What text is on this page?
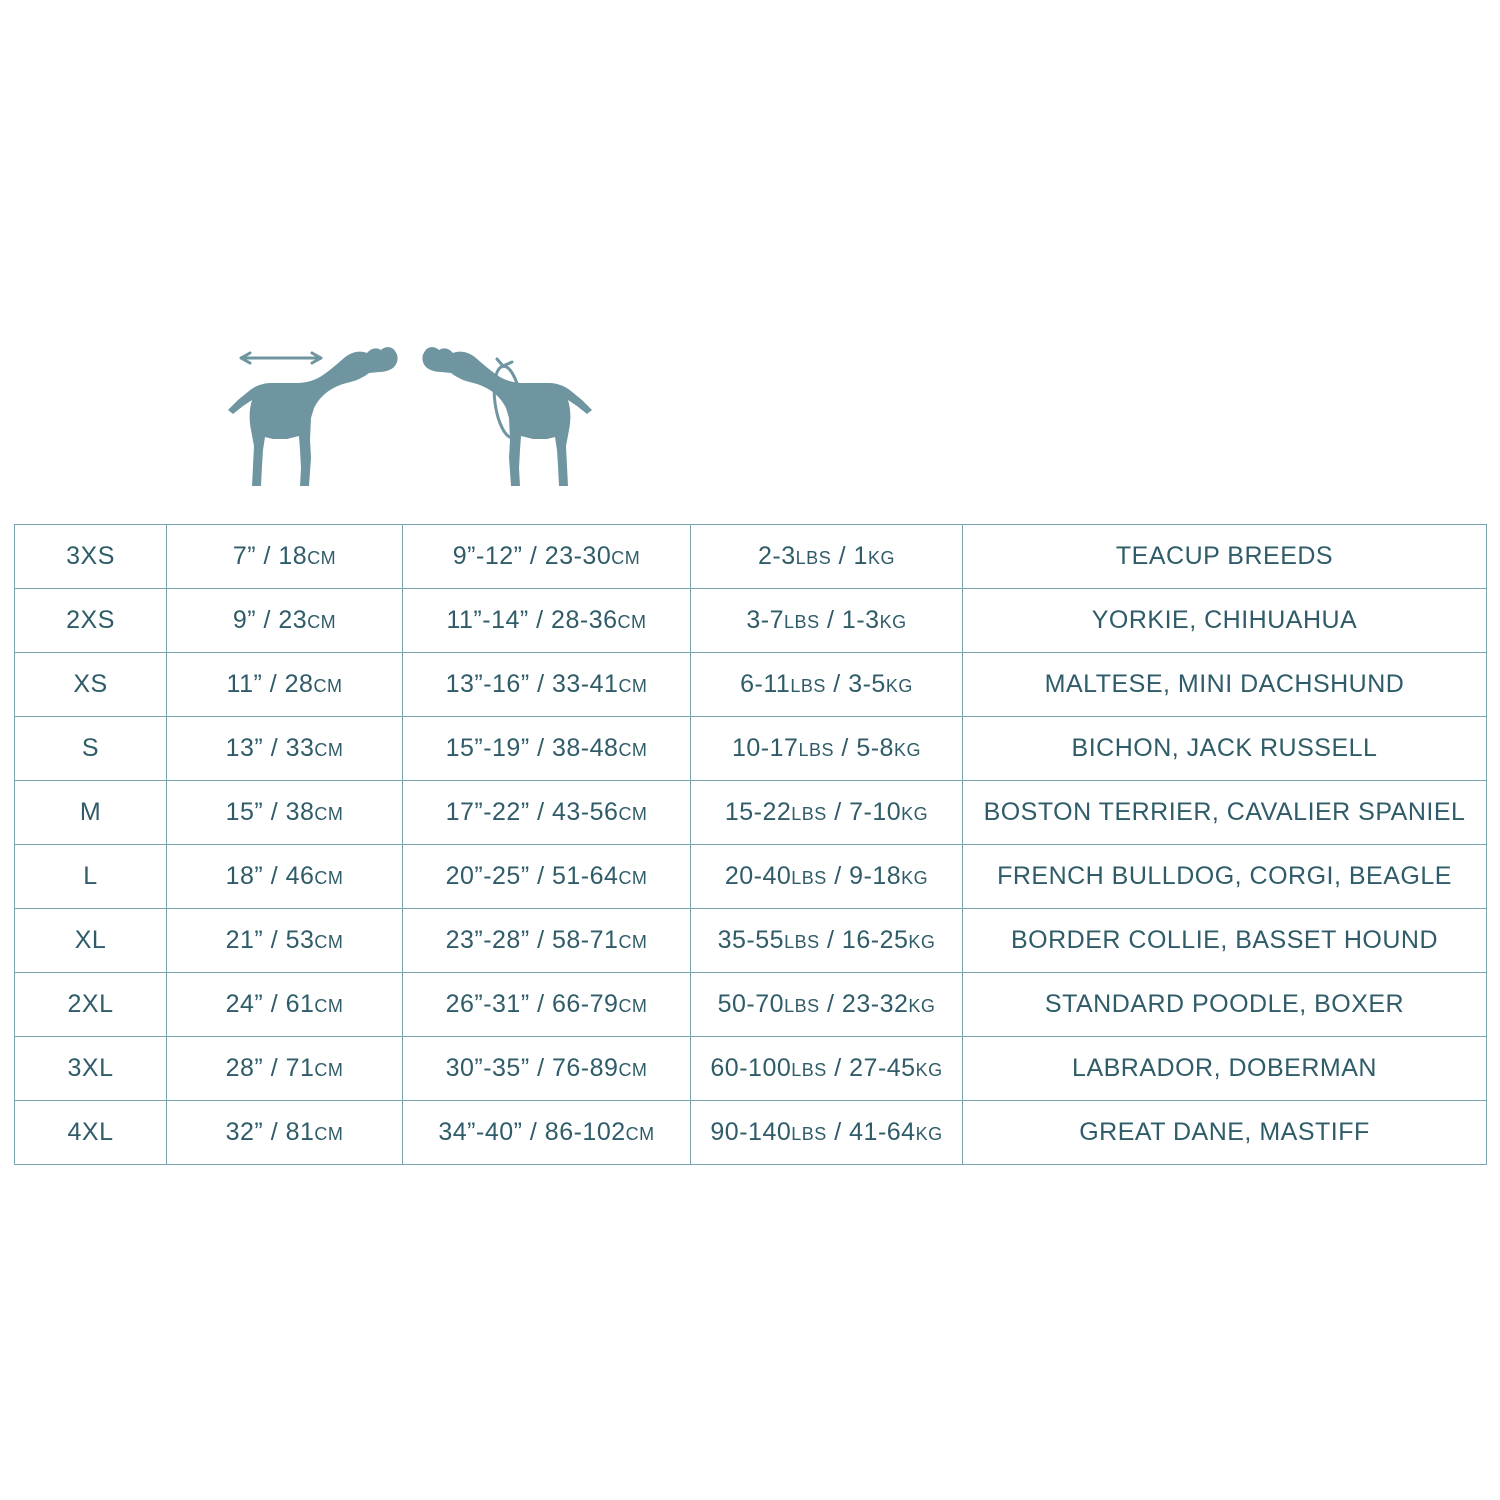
3XS	7” / 18CM	9”-12” / 23-30CM	2-3LBS / 1KG	TEACUP BREEDS
2XS	9” / 23CM	11”-14” / 28-36CM	3-7LBS / 1-3KG	YORKIE, CHIHUAHUA
XS	11” / 28CM	13”-16” / 33-41CM	6-11LBS / 3-5KG	MALTESE, MINI DACHSHUND
S	13” / 33CM	15”-19” / 38-48CM	10-17LBS / 5-8KG	BICHON, JACK RUSSELL
M	15” / 38CM	17”-22” / 43-56CM	15-22LBS / 7-10KG	BOSTON TERRIER, CAVALIER SPANIEL
L	18” / 46CM	20”-25” / 51-64CM	20-40LBS / 9-18KG	FRENCH BULLDOG, CORGI, BEAGLE
XL	21” / 53CM	23”-28” / 58-71CM	35-55LBS / 16-25KG	BORDER COLLIE, BASSET HOUND
2XL	24” / 61CM	26”-31” / 66-79CM	50-70LBS / 23-32KG	STANDARD POODLE, BOXER
3XL	28” / 71CM	30”-35” / 76-89CM	60-100LBS / 27-45KG	LABRADOR, DOBERMAN
4XL	32” / 81CM	34”-40” / 86-102CM	90-140LBS / 41-64KG	GREAT DANE, MASTIFF
